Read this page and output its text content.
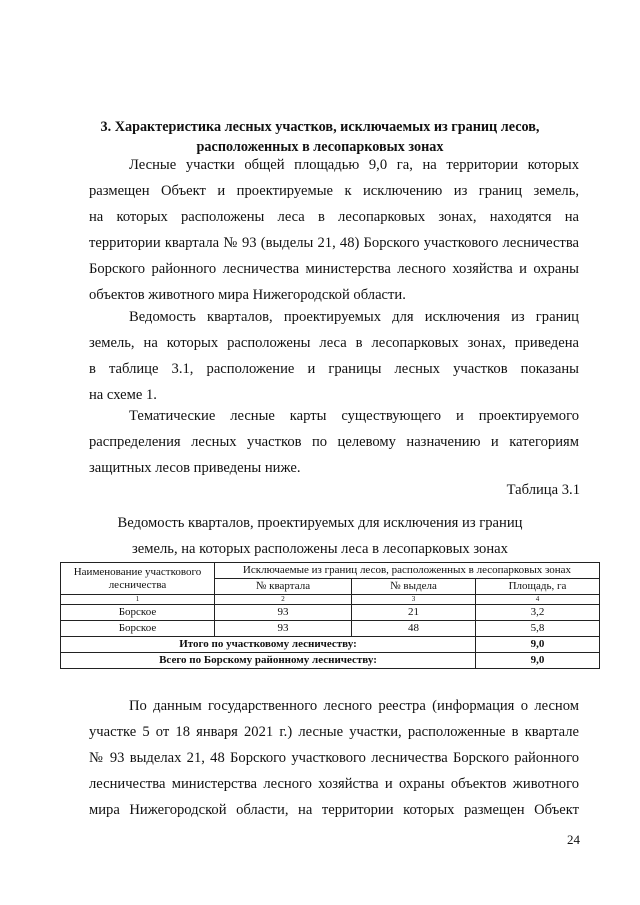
3. Характеристика лесных участков, исключаемых из границ лесов,
расположенных в лесопарковых зонах
Лесные участки общей площадью 9,0 га, на территории которых
размещен Объект и проектируемые к исключению из границ земель,
на которых расположены леса в лесопарковых зонах, находятся на
территории квартала № 93 (выделы 21, 48) Борского участкового лесничества
Борского районного лесничества министерства лесного хозяйства и охраны
объектов животного мира Нижегородской области.
Ведомость кварталов, проектируемых для исключения из границ
земель, на которых расположены леса в лесопарковых зонах, приведена
в таблице 3.1, расположение и границы лесных участков показаны
на схеме 1.
Тематические лесные карты существующего и проектируемого
распределения лесных участков по целевому назначению и категориям
защитных лесов приведены ниже.
Таблица 3.1
Ведомость кварталов, проектируемых для исключения из границ
земель, на которых расположены леса в лесопарковых зонах
Наименование участкового лесничества	Исключаемые из границ лесов, расположенных в лесопарковых зонах		
	№ квартала	№ выдела	Площадь, га
1	2	3	4
Борское	93	21	3,2
Борское	93	48	5,8
Итого по участковому лесничеству:			9,0
Всего по Борскому районному лесничеству:			9,0
По данным государственного лесного реестра (информация о лесном
участке 5 от 18 января 2021 г.) лесные участки, расположенные в квартале
№ 93 выделах 21, 48 Борского участкового лесничества Борского районного
лесничества министерства лесного хозяйства и охраны объектов животного
мира Нижегородской области, на территории которых размещен Объект
24
